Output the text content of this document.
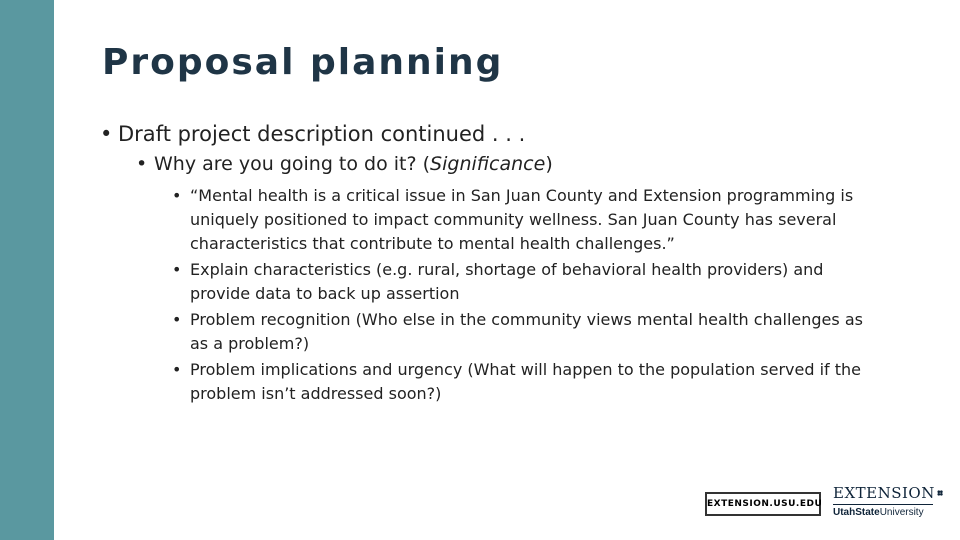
Proposal planning
• Draft project description continued . . .
• Why are you going to do it? (Significance)
• “Mental health is a critical issue in San Juan County and Extension programming is uniquely positioned to impact community wellness. San Juan County has several characteristics that contribute to mental health challenges.”
• Explain characteristics (e.g. rural, shortage of behavioral health providers) and provide data to back up assertion
• Problem recognition (Who else in the community views mental health challenges as as a problem?)
• Problem implications and urgency (What will happen to the population served if the problem isn’t addressed soon?)
EXTENSION.USU.EDU
EXTENSION
UtahStateUniversity
